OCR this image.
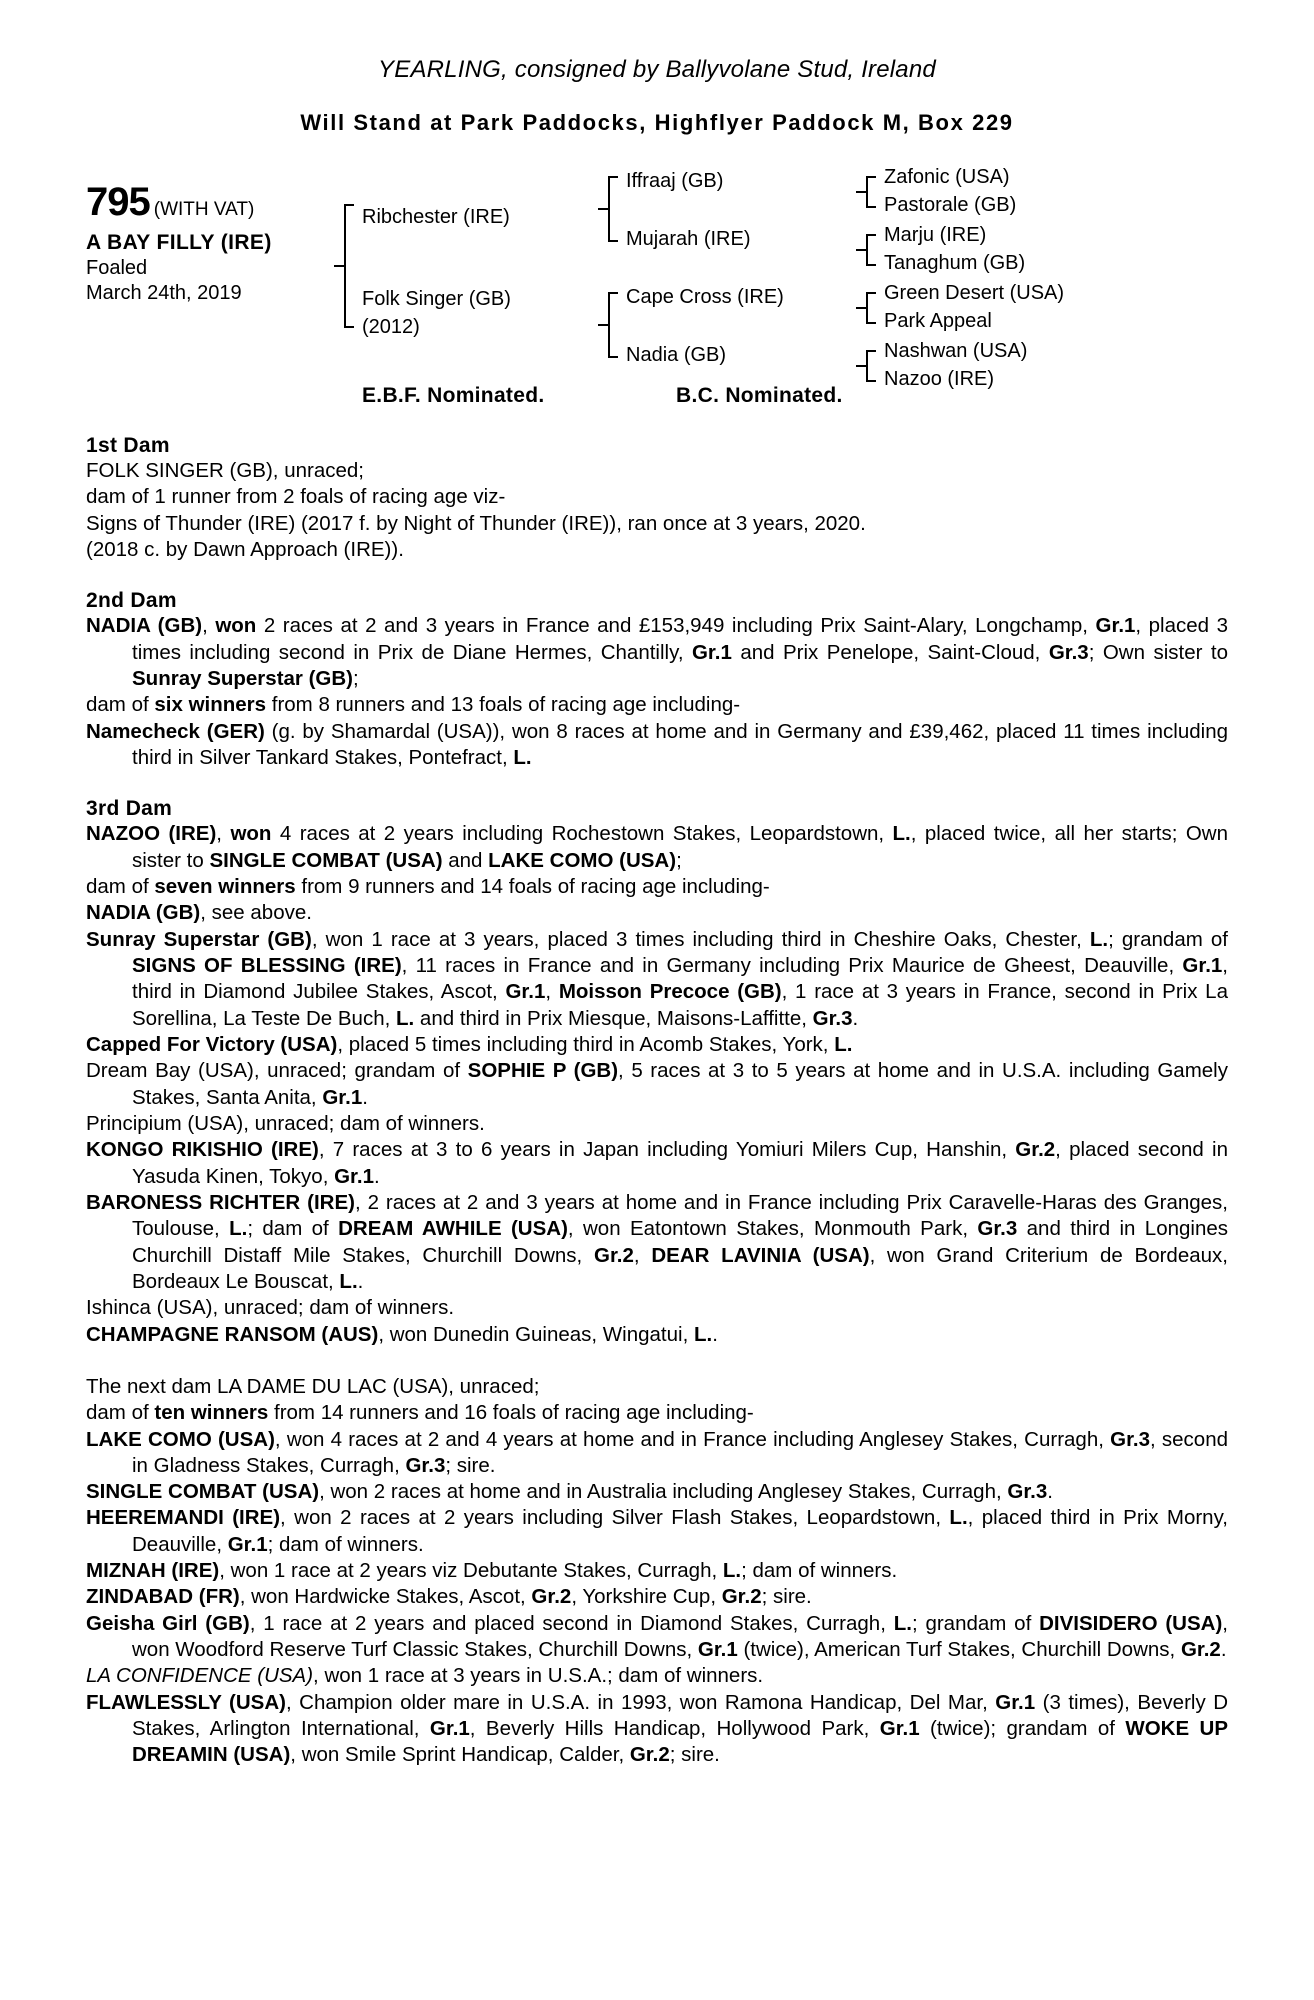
YEARLING, consigned by Ballyvolane Stud, Ireland
Will Stand at Park Paddocks, Highflyer Paddock M, Box 229
795 (WITH VAT)
A BAY FILLY (IRE)
Foaled
March 24th, 2019
Ribchester (IRE)
Folk Singer (GB)
(2012)
Iffraaj (GB)
Mujarah (IRE)
Cape Cross (IRE)
Nadia (GB)
Zafonic (USA)
Pastorale (GB)
Marju (IRE)
Tanaghum (GB)
Green Desert (USA)
Park Appeal
Nashwan (USA)
Nazoo (IRE)
E.B.F. Nominated.	B.C. Nominated.
1st Dam

FOLK SINGER (GB), unraced;

dam of 1 runner from 2 foals of racing age viz-

Signs of Thunder (IRE) (2017 f. by Night of Thunder (IRE)), ran once at 3 years, 2020.

(2018 c. by Dawn Approach (IRE)).

2nd Dam

NADIA (GB), won 2 races at 2 and 3 years in France and £153,949 including Prix Saint-Alary, Longchamp, Gr.1, placed 3 times including second in Prix de Diane Hermes, Chantilly, Gr.1 and Prix Penelope, Saint-Cloud, Gr.3; Own sister to Sunray Superstar (GB);

dam of six winners from 8 runners and 13 foals of racing age including-

Namecheck (GER) (g. by Shamardal (USA)), won 8 races at home and in Germany and £39,462, placed 11 times including third in Silver Tankard Stakes, Pontefract, L.

3rd Dam

NAZOO (IRE), won 4 races at 2 years including Rochestown Stakes, Leopardstown, L., placed twice, all her starts; Own sister to SINGLE COMBAT (USA) and LAKE COMO (USA);

dam of seven winners from 9 runners and 14 foals of racing age including-

NADIA (GB), see above.

Sunray Superstar (GB), won 1 race at 3 years, placed 3 times including third in Cheshire Oaks, Chester, L.; grandam of SIGNS OF BLESSING (IRE), 11 races in France and in Germany including Prix Maurice de Gheest, Deauville, Gr.1, third in Diamond Jubilee Stakes, Ascot, Gr.1, Moisson Precoce (GB), 1 race at 3 years in France, second in Prix La Sorellina, La Teste De Buch, L. and third in Prix Miesque, Maisons-Laffitte, Gr.3.

Capped For Victory (USA), placed 5 times including third in Acomb Stakes, York, L.

Dream Bay (USA), unraced; grandam of SOPHIE P (GB), 5 races at 3 to 5 years at home and in U.S.A. including Gamely Stakes, Santa Anita, Gr.1.

Principium (USA), unraced; dam of winners.

KONGO RIKISHIO (IRE), 7 races at 3 to 6 years in Japan including Yomiuri Milers Cup, Hanshin, Gr.2, placed second in Yasuda Kinen, Tokyo, Gr.1.

BARONESS RICHTER (IRE), 2 races at 2 and 3 years at home and in France including Prix Caravelle-Haras des Granges, Toulouse, L.; dam of DREAM AWHILE (USA), won Eatontown Stakes, Monmouth Park, Gr.3 and third in Longines Churchill Distaff Mile Stakes, Churchill Downs, Gr.2, DEAR LAVINIA (USA), won Grand Criterium de Bordeaux, Bordeaux Le Bouscat, L..

Ishinca (USA), unraced; dam of winners.

CHAMPAGNE RANSOM (AUS), won Dunedin Guineas, Wingatui, L..

The next dam LA DAME DU LAC (USA), unraced;

dam of ten winners from 14 runners and 16 foals of racing age including-

LAKE COMO (USA), won 4 races at 2 and 4 years at home and in France including Anglesey Stakes, Curragh, Gr.3, second in Gladness Stakes, Curragh, Gr.3; sire.

SINGLE COMBAT (USA), won 2 races at home and in Australia including Anglesey Stakes, Curragh, Gr.3.

HEEREMANDI (IRE), won 2 races at 2 years including Silver Flash Stakes, Leopardstown, L., placed third in Prix Morny, Deauville, Gr.1; dam of winners.

MIZNAH (IRE), won 1 race at 2 years viz Debutante Stakes, Curragh, L.; dam of winners.

ZINDABAD (FR), won Hardwicke Stakes, Ascot, Gr.2, Yorkshire Cup, Gr.2; sire.

Geisha Girl (GB), 1 race at 2 years and placed second in Diamond Stakes, Curragh, L.; grandam of DIVISIDERO (USA), won Woodford Reserve Turf Classic Stakes, Churchill Downs, Gr.1 (twice), American Turf Stakes, Churchill Downs, Gr.2.

LA CONFIDENCE (USA), won 1 race at 3 years in U.S.A.; dam of winners.

FLAWLESSLY (USA), Champion older mare in U.S.A. in 1993, won Ramona Handicap, Del Mar, Gr.1 (3 times), Beverly D Stakes, Arlington International, Gr.1, Beverly Hills Handicap, Hollywood Park, Gr.1 (twice); grandam of WOKE UP DREAMIN (USA), won Smile Sprint Handicap, Calder, Gr.2; sire.
